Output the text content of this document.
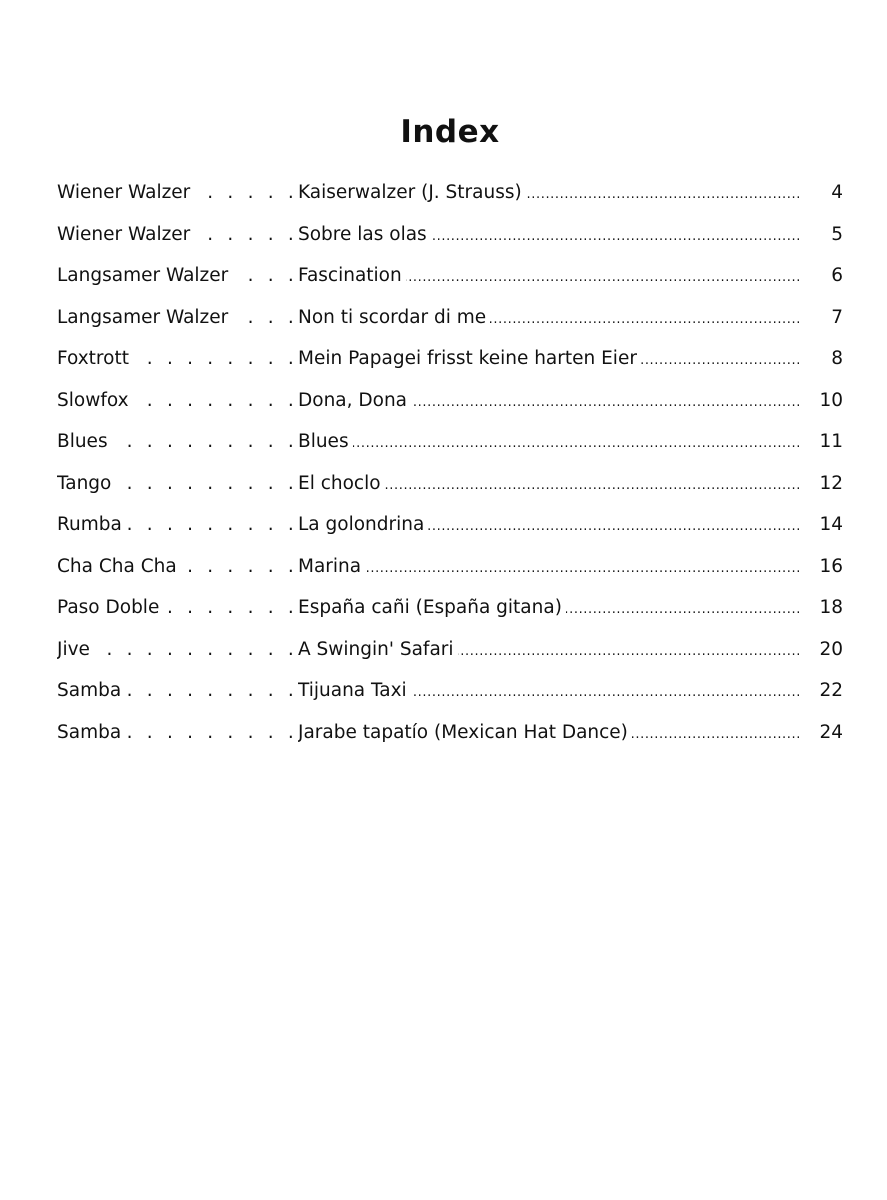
Index
Wiener Walzer . . .	Kaiserwalzer (J. Strauss) .....	4
Wiener Walzer . . .	Sobre las olas .....	5
Langsamer Walzer . . .	Fascination .....	6
Langsamer Walzer . . .	Non ti scordar di me .....	7
Foxtrott . . .	Mein Papagei frisst keine harten Eier .....	8
Slowfox . . .	Dona, Dona .....	10
Blues . . .	Blues .....	11
Tango . . .	El choclo .....	12
Rumba . . .	La golondrina .....	14
Cha Cha Cha . . .	Marina .....	16
Paso Doble . . .	España cañi (España gitana) .....	18
Jive . . .	A Swingin' Safari .....	20
Samba . . .	Tijuana Taxi .....	22
Samba . . .	Jarabe tapatío (Mexican Hat Dance) .....	24
